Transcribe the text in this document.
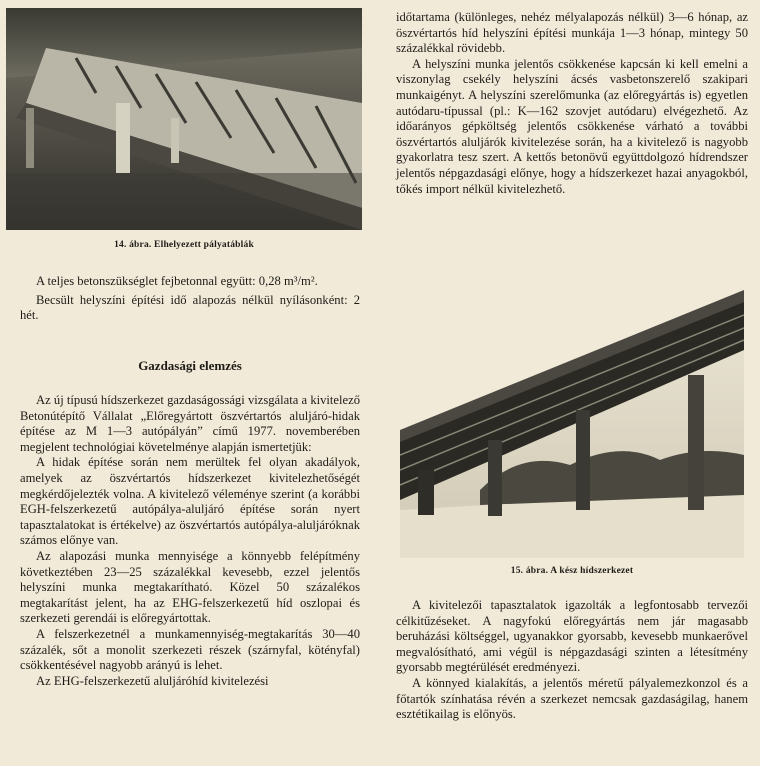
14. ábra. Elhelyezett pályatáblák

A teljes betonszükséglet fejbetonnal együtt: 0,28 m³/m².

Becsült helyszíni építési idő alapozás nélkül nyílásonként: 2 hét.

Gazdasági elemzés

Az új típusú hídszerkezet gazdaságossági vizsgálata a kivitelező Betonútépítő Vállalat „Előregyártott öszvértartós aluljáró-hidak építése az M 1—3 autópályán” című 1977. novemberében megjelent technológiai követelménye alapján ismertetjük:

A hidak építése során nem merültek fel olyan akadályok, amelyek az öszvértartós hídszerkezet kivitelezhetőségét megkérdőjelezték volna. A kivitelező véleménye szerint (a korábbi EGH-felszerkezetű autópálya-aluljáró építése során nyert tapasztalatokat is értékelve) az öszvértartós autópálya-aluljáróknak számos előnye van.

Az alapozási munka mennyisége a könnyebb felépítmény következtében 23—25 százalékkal kevesebb, ezzel jelentős helyszíni munka megtakarítható. Közel 50 százalékos megtakarítást jelent, ha az EHG-felszerkezetű híd oszlopai és szerkezeti gerendái is előregyártottak.

A felszerkezetnél a munkamennyiség-megtakarítás 30—40 százalék, sőt a monolit szerkezeti részek (szárnyfal, kötényfal) csökkentésével nagyobb arányú is lehet.

Az EHG-felszerkezetű aluljáróhíd kivitelezési

időtartama (különleges, nehéz mélyalapozás nélkül) 3—6 hónap, az öszvértartós híd helyszíni építési munkája 1—3 hónap, mintegy 50 százalékkal rövidebb.

A helyszíni munka jelentős csökkenése kapcsán ki kell emelni a viszonylag csekély helyszíni ácsés vasbetonszerelő szakipari munkaigényt. A helyszíni szerelőmunka (az előregyártás is) egyetlen autódaru-típussal (pl.: K—162 szovjet autódaru) elvégezhető. Az időarányos gépköltség jelentős csökkenése várható a további öszvértartós aluljárók kivitelezése során, ha a kivitelező is nagyobb gyakorlatra tesz szert. A kettős betonövű együttdolgozó hídrendszer jelentős népgazdasági előnye, hogy a hídszerkezet hazai anyagokból, tőkés import nélkül kivitelezhető.

15. ábra. A kész hídszerkezet

A kivitelezői tapasztalatok igazolták a legfontosabb tervezői célkitűzéseket. A nagyfokú előregyártás nem jár magasabb beruházási költséggel, ugyanakkor gyorsabb, kevesebb munkaerővel megvalósítható, ami végül is népgazdasági szinten a létesítmény gyorsabb megtérülését eredményezi.

A könnyed kialakítás, a jelentős méretű pályalemezkonzol és a főtartók színhatása révén a szerkezet nemcsak gazdaságilag, hanem esztétikailag is előnyös.
